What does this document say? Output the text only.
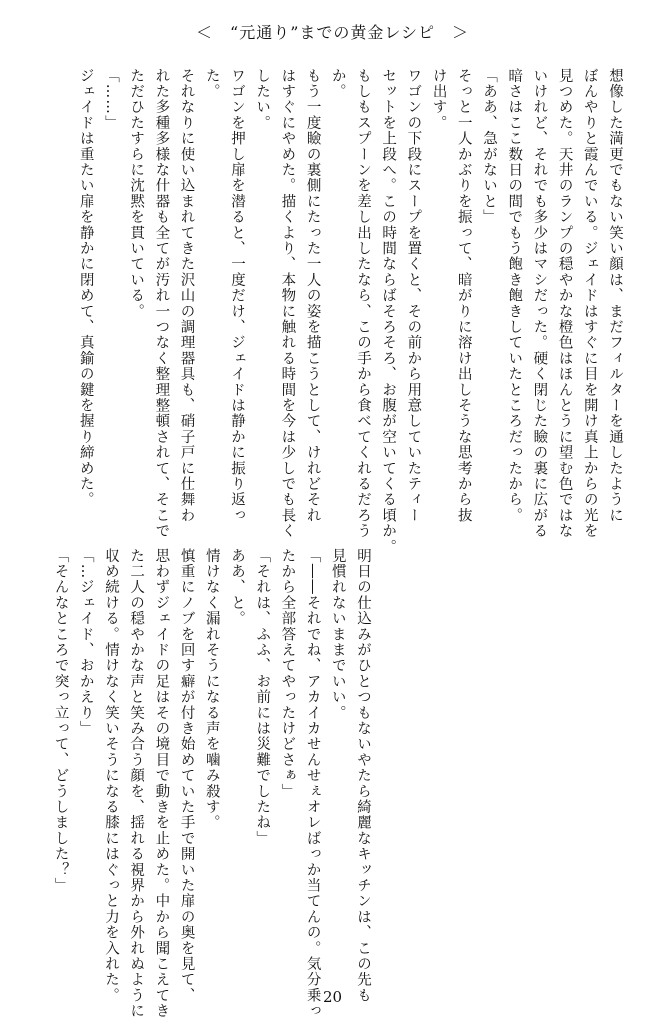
＜　“元通り”までの黄金レシピ　＞
想像した満更でもない笑い顔は、まだフィルターを通したように
ぼんやりと霞んでいる。ジェイドはすぐに目を開け真上からの光を
見つめた。天井のランプの穏やかな橙色はほんとうに望む色ではな
いけれど、それでも多少はマシだった。硬く閉じた瞼の裏に広がる
暗さはここ数日の間でもう飽き飽きしていたところだったから。
「ああ、急がないと」
そっと一人かぶりを振って、暗がりに溶け出しそうな思考から抜
け出す。
ワゴンの下段にスープを置くと、その前から用意していたティー
セットを上段へ。この時間ならばそろそろ、お腹が空いてくる頃か。
もしもスプーンを差し出したなら、この手から食べてくれるだろう
か。
もう一度瞼の裏側にたった一人の姿を描こうとして、けれどそれ
はすぐにやめた。描くより、本物に触れる時間を今は少しでも長く
したい。
ワゴンを押し扉を潜ると、一度だけ、ジェイドは静かに振り返っ
た。
それなりに使い込まれてきた沢山の調理器具も、硝子戸に仕舞わ
れた多種多様な什器も全てが汚れ一つなく整理整頓されて、そこで
ただひたすらに沈黙を貫いている。
「……」
ジェイドは重たい扉を静かに閉めて、真鍮の鍵を握り締めた。
明日の仕込みがひとつもないやたら綺麗なキッチンは、この先も
見慣れないままでいい。
「――それでね、アカイカせんせぇオレばっか当てんの。気分乗っ
たから全部答えてやったけどさぁ」
「それは、ふふ、お前には災難でしたね」
ああ、と。
情けなく漏れそうになる声を噛み殺す。
慎重にノブを回す癖が付き始めていた手で開いた扉の奥を見て、
思わずジェイドの足はその境目で動きを止めた。中から聞こえてき
た二人の穏やかな声と笑み合う顔を、揺れる視界から外れぬように
収め続ける。情けなく笑いそうになる膝にはぐっと力を入れた。
「…ジェイド、おかえり」
「そんなところで突っ立って、どうしました？」
20
